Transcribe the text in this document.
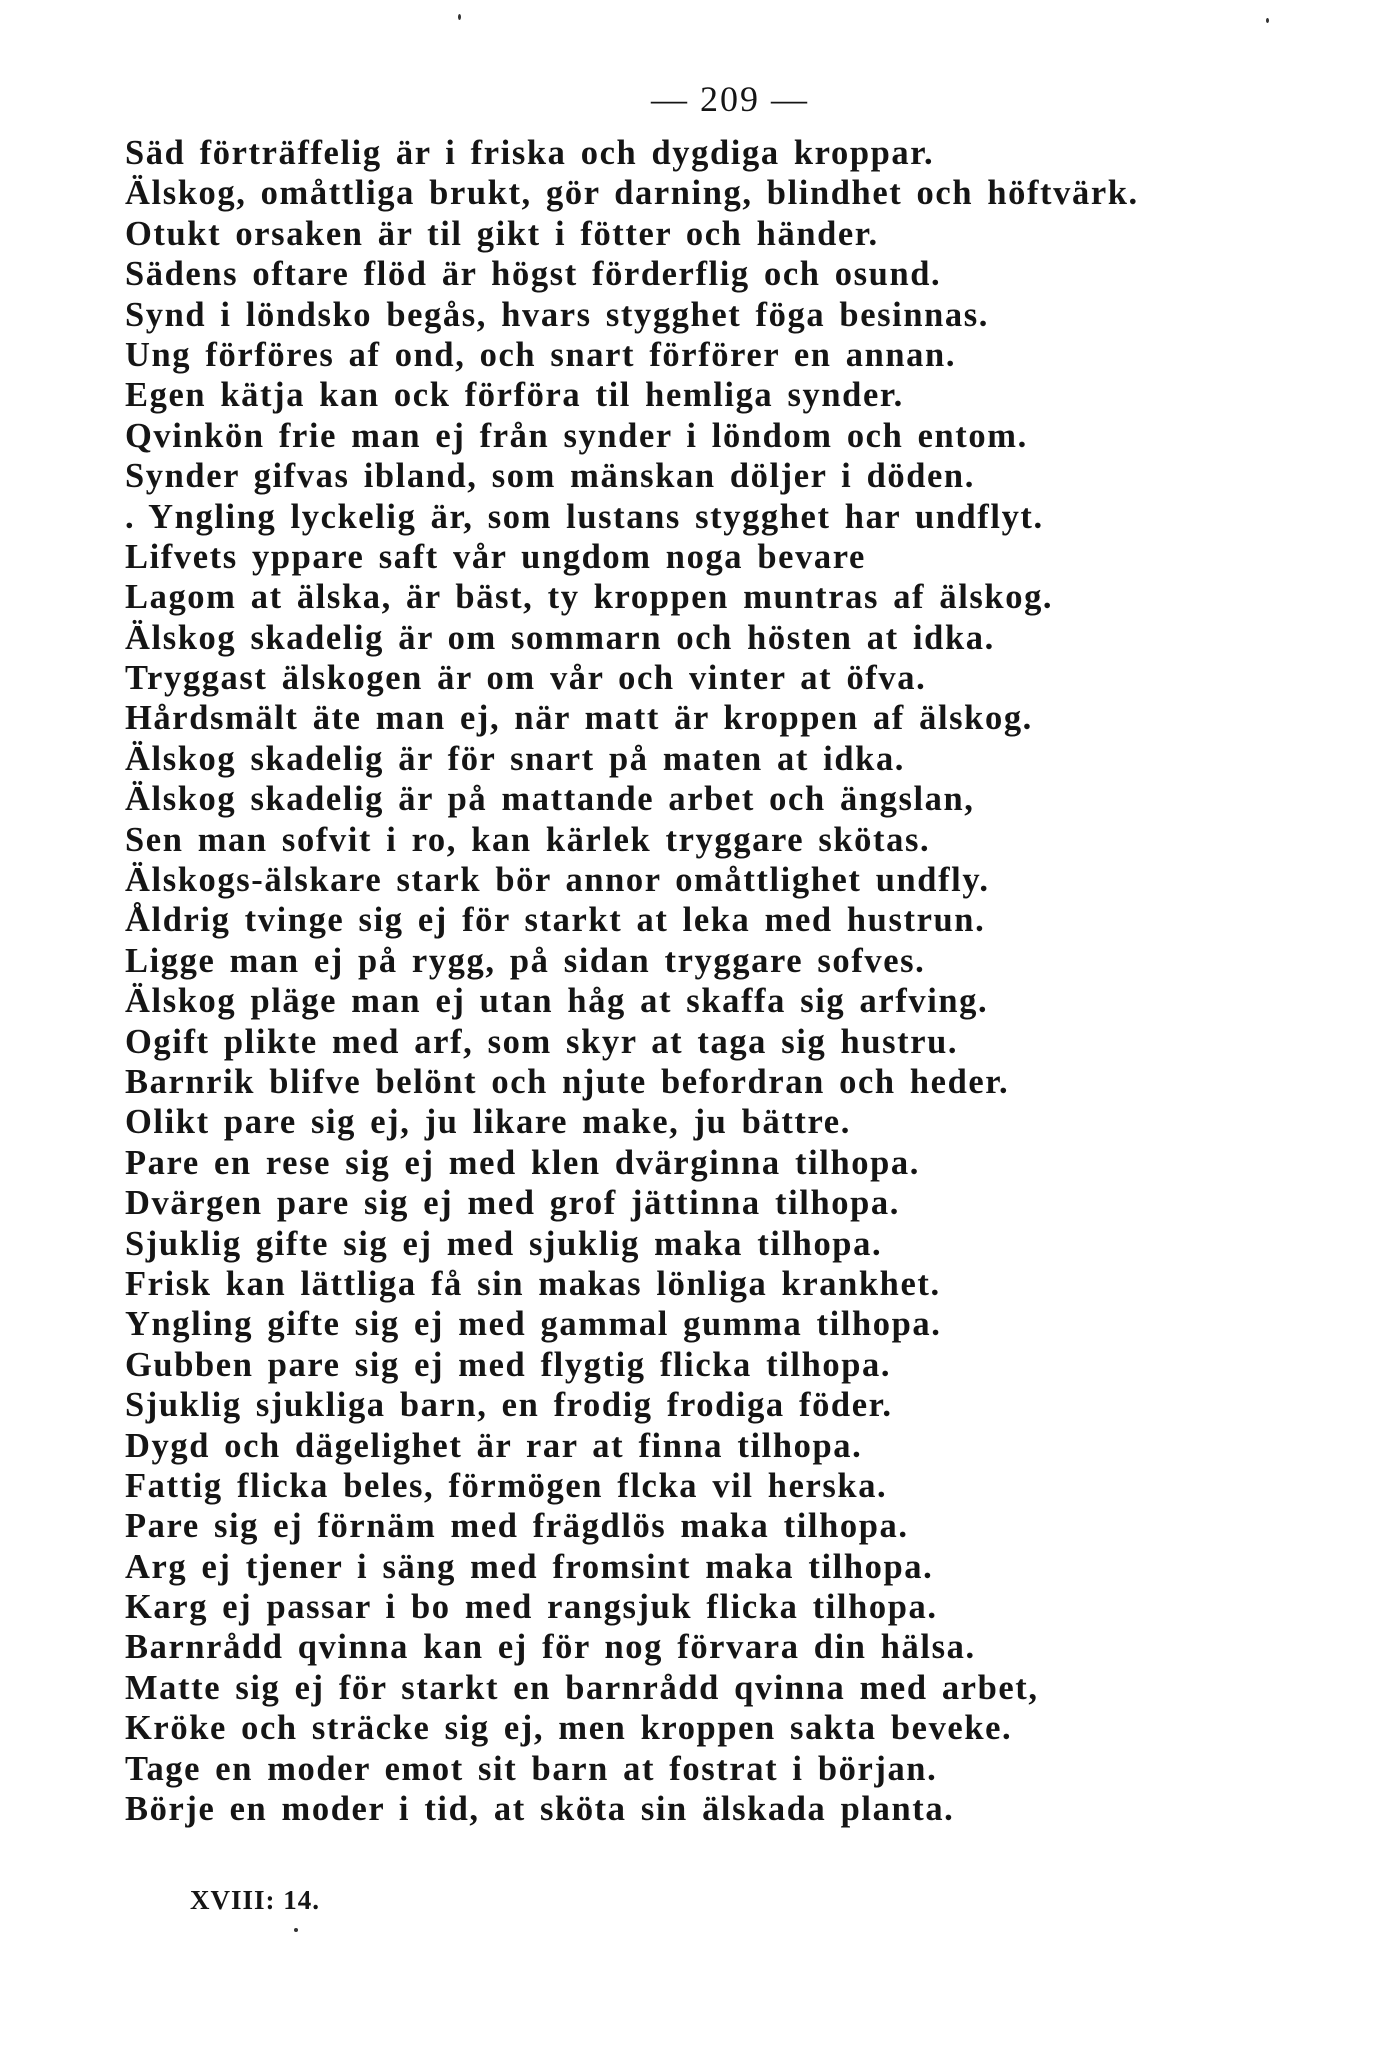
— 209 —
Säd förträffelig är i friska och dygdiga kroppar.
Älskog, omåttliga brukt, gör darning, blindhet och höftvärk.
Otukt orsaken är til gikt i fötter och händer.
Sädens oftare flöd är högst förderflig och osund.
Synd i löndsko begås, hvars stygghet föga besinnas.
Ung förföres af ond, och snart förförer en annan.
Egen kätja kan ock förföra til hemliga synder.
Qvinkön frie man ej från synder i löndom och entom.
Synder gifvas ibland, som mänskan döljer i döden.
. Yngling lyckelig är, som lustans stygghet har undflyt.
Lifvets yppare saft vår ungdom noga bevare
Lagom at älska, är bäst, ty kroppen muntras af älskog.
Älskog skadelig är om sommarn och hösten at idka.
Tryggast älskogen är om vår och vinter at öfva.
Hårdsmält äte man ej, när matt är kroppen af älskog.
Älskog skadelig är för snart på maten at idka.
Älskog skadelig är på mattande arbet och ängslan,
Sen man sofvit i ro, kan kärlek tryggare skötas.
Älskogs-älskare stark bör annor omåttlighet undfly.
Åldrig tvinge sig ej för starkt at leka med hustrun.
Ligge man ej på rygg, på sidan tryggare sofves.
Älskog pläge man ej utan håg at skaffa sig arfving.
Ogift plikte med arf, som skyr at taga sig hustru.
Barnrik blifve belönt och njute befordran och heder.
Olikt pare sig ej, ju likare make, ju bättre.
Pare en rese sig ej med klen dvärginna tilhopa.
Dvärgen pare sig ej med grof jättinna tilhopa.
Sjuklig gifte sig ej med sjuklig maka tilhopa.
Frisk kan lättliga få sin makas lönliga krankhet.
Yngling gifte sig ej med gammal gumma tilhopa.
Gubben pare sig ej med flygtig flicka tilhopa.
Sjuklig sjukliga barn, en frodig frodiga föder.
Dygd och dägelighet är rar at finna tilhopa.
Fattig flicka beles, förmögen flcka vil herska.
Pare sig ej förnäm med frägdlös maka tilhopa.
Arg ej tjener i säng med fromsint maka tilhopa.
Karg ej passar i bo med rangsjuk flicka tilhopa.
Barnrådd qvinna kan ej för nog förvara din hälsa.
Matte sig ej för starkt en barnrådd qvinna med arbet,
Kröke och sträcke sig ej, men kroppen sakta beveke.
Tage en moder emot sit barn at fostrat i början.
Börje en moder i tid, at sköta sin älskada planta.
XVIII: 14.
